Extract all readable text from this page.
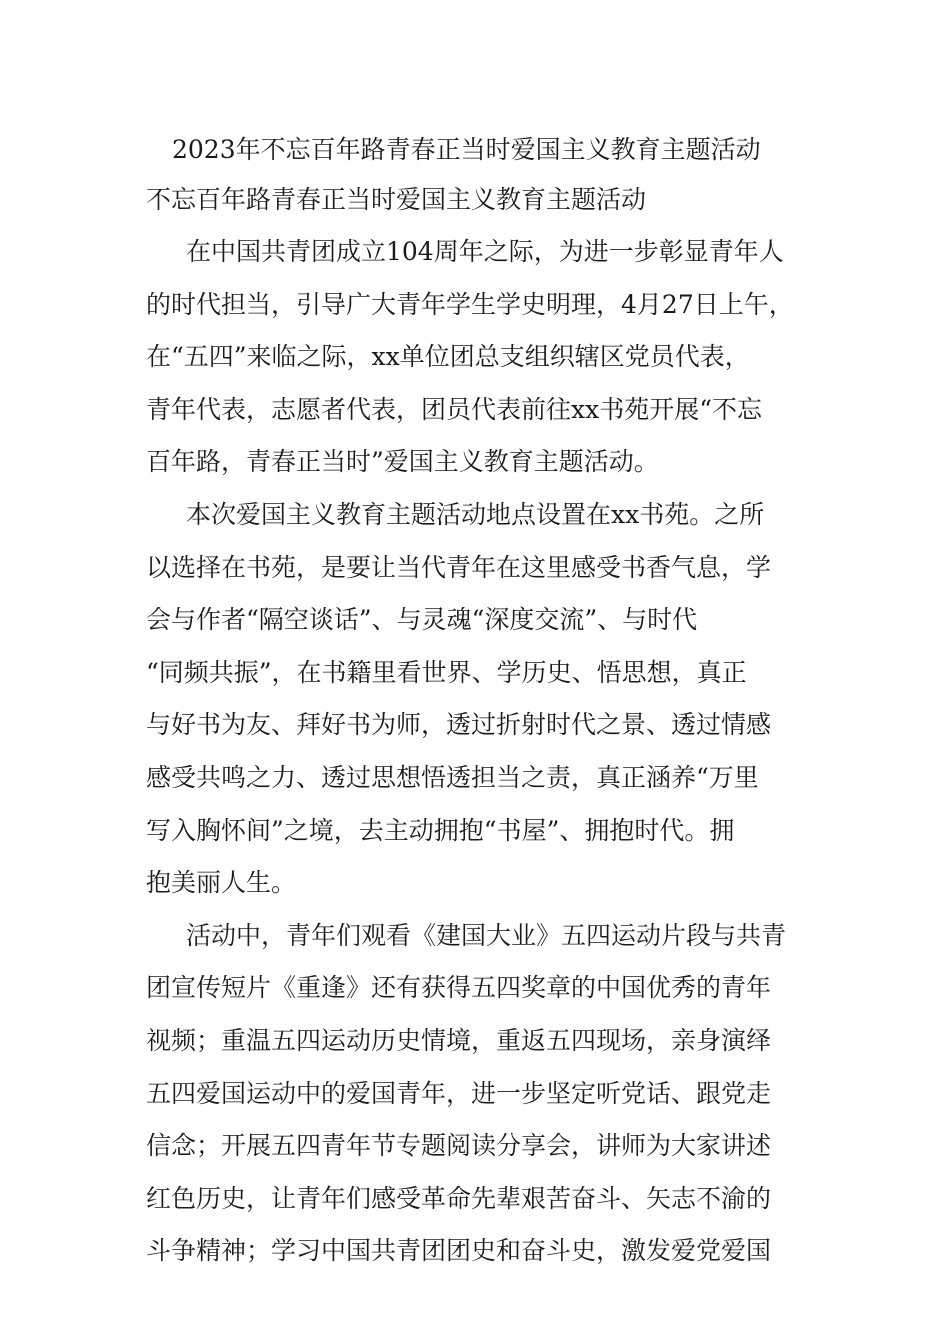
2023年不忘百年路青春正当时爱国主义教育主题活动
不忘百年路青春正当时爱国主义教育主题活动
在中国共青团成立104周年之际，为进一步彰显青年人
的时代担当，引导广大青年学生学史明理，4月27日上午，
在“五四”来临之际，xx单位团总支组织辖区党员代表，
青年代表，志愿者代表，团员代表前往xx书苑开展“不忘
百年路，青春正当时”爱国主义教育主题活动。
本次爱国主义教育主题活动地点设置在xx书苑。之所
以选择在书苑，是要让当代青年在这里感受书香气息，学
会与作者“隔空谈话”、与灵魂“深度交流”、与时代
“同频共振”，在书籍里看世界、学历史、悟思想，真正
与好书为友、拜好书为师，透过折射时代之景、透过情感
感受共鸣之力、透过思想悟透担当之责，真正涵养“万里
写入胸怀间”之境，去主动拥抱“书屋”、拥抱时代。拥
抱美丽人生。
活动中，青年们观看《建国大业》五四运动片段与共青
团宣传短片《重逢》还有获得五四奖章的中国优秀的青年
视频；重温五四运动历史情境，重返五四现场，亲身演绎
五四爱国运动中的爱国青年，进一步坚定听党话、跟党走
信念；开展五四青年节专题阅读分享会，讲师为大家讲述
红色历史，让青年们感受革命先辈艰苦奋斗、矢志不渝的
斗争精神；学习中国共青团团史和奋斗史，激发爱党爱国
